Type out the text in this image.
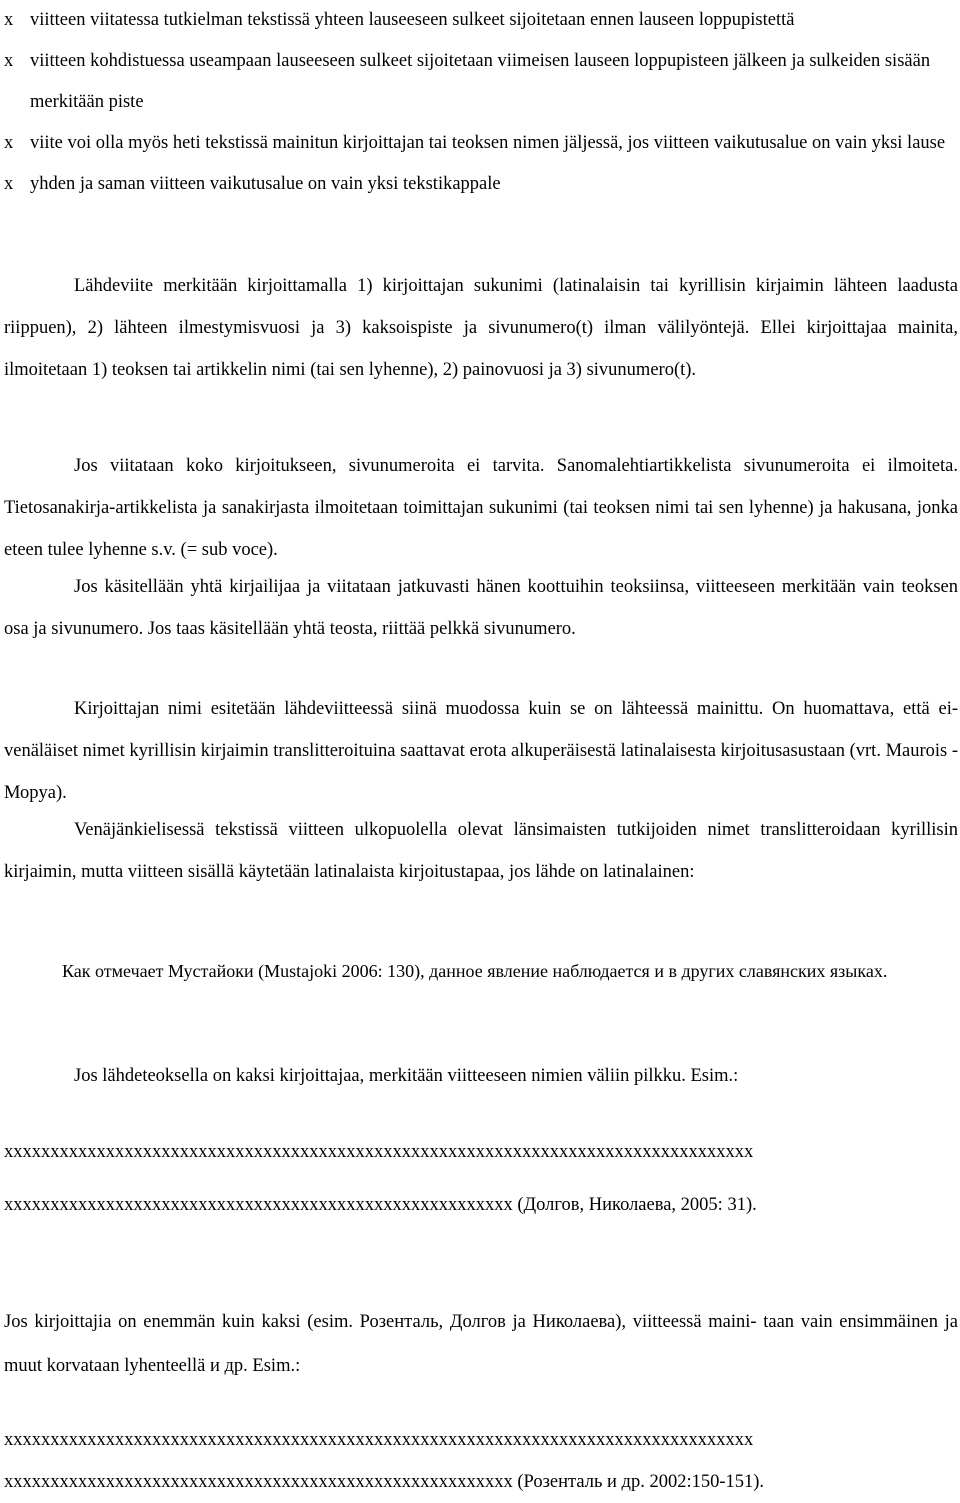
x viitteen viitatessa tutkielman tekstissä yhteen lauseeseen sulkeet sijoitetaan ennen lauseen loppupistettä
x viitteen kohdistuessa useampaan lauseeseen sulkeet sijoitetaan viimeisen lauseen loppupisteen jälkeen ja sulkeiden sisään merkitään piste
x viite voi olla myös heti tekstissä mainitun kirjoittajan tai teoksen nimen jäljessä, jos viitteen vaikutusalue on vain yksi lause
x yhden ja saman viitteen vaikutusalue on vain yksi tekstikappale

Lähdeviite merkitään kirjoittamalla 1) kirjoittajan sukunimi (latinalaisin tai kyrillisin kirjaimin lähteen laadusta riippuen), 2) lähteen ilmestymisvuosi ja 3) kaksoispiste ja sivunumero(t) ilman välilyöntejä. Ellei kirjoittajaa mainita, ilmoitetaan 1) teoksen tai artikkelin nimi (tai sen lyhenne), 2) painovuosi ja 3) sivunumero(t).

Jos viitataan koko kirjoitukseen, sivunumeroita ei tarvita. Sanomalehtiartikkelista sivunumeroita ei ilmoiteta. Tietosanakirja-artikkelista ja sanakirjasta ilmoitetaan toimittajan sukunimi (tai teoksen nimi tai sen lyhenne) ja hakusana, jonka eteen tulee lyhenne s.v. (= sub voce).

Jos käsitellään yhtä kirjailijaa ja viitataan jatkuvasti hänen koottuihin teoksiinsa, viitteeseen merkitään vain teoksen osa ja sivunumero. Jos taas käsitellään yhtä teosta, riittää pelkkä sivunumero.

Kirjoittajan nimi esitetään lähdeviitteessä siinä muodossa kuin se on lähteessä mainittu. On huomattava, että ei-venäläiset nimet kyrillisin kirjaimin translitteroituina saattavat erota alkuperäisestä latinalaisesta kirjoitusasustaan (vrt. Maurois - Морyа).

Venäjänkielisessä tekstissä viitteen ulkopuolella olevat länsimaisten tutkijoiden nimet translitteroidaan kyrillisin kirjaimin, mutta viitteen sisällä käytetään latinalaista kirjoitustapaa, jos lähde on latinalainen:

Как отмечает Мустайоки (Mustajoki 2006: 130), данное явление наблюдается и в других славянских языках.

Jos lähdeteoksella on kaksi kirjoittajaa, merkitään viitteeseen nimien väliin pilkku. Esim.:

xxxxxxxxxxxxxxxxxxxxxxxxxxxxxxxxxxxxxxxxxxxxxxxxxxxxxxxxxxxxxxxxxxxxxxxxxxxxxxxxx

xxxxxxxxxxxxxxxxxxxxxxxxxxxxxxxxxxxxxxxxxxxxxxxxxxxxxxx (Долгов, Николаева, 2005: 31).

Jos kirjoittajia on enemmän kuin kaksi (esim. Розенталь, Долгов ja Николаева), viitteessä maini- taan vain ensimmäinen ja muut korvataan lyhenteellä и др. Esim.:

xxxxxxxxxxxxxxxxxxxxxxxxxxxxxxxxxxxxxxxxxxxxxxxxxxxxxxxxxxxxxxxxxxxxxxxxxxxxxxxxx

xxxxxxxxxxxxxxxxxxxxxxxxxxxxxxxxxxxxxxxxxxxxxxxxxxxxxxx (Розенталь и др. 2002:150-151).
